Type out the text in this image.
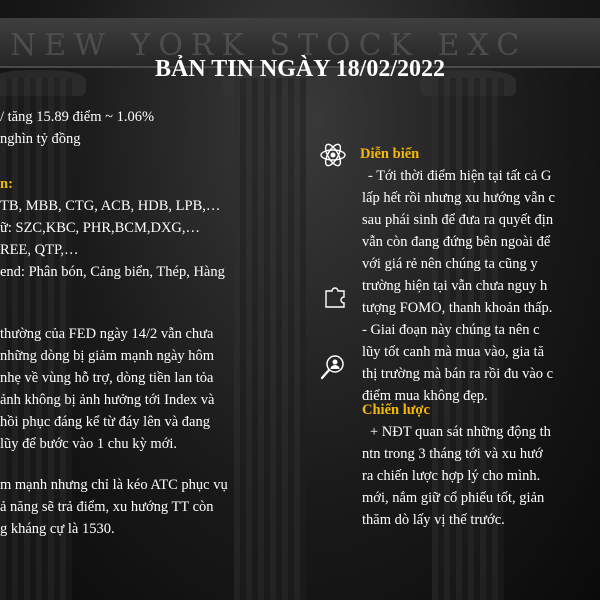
NEW YORK STOCK EXC
BẢN TIN NGÀY 18/02/2022
/ tăng 15.89 điểm ~ 1.06%
nghìn tỷ đồng
n:
TB, MBB, CTG, ACB, HDB, LPB,…
ữ: SZC,KBC, PHR,BCM,DXG,…
REE, QTP,…
end: Phân bón, Cảng biển, Thép, Hàng
thường của FED ngày 14/2 vẫn chưa
những dòng bị giảm mạnh ngày hôm
nhẹ về vùng hỗ trợ, dòng tiền lan tỏa
ảnh không bị ảnh hưởng tới Index và
hồi phục đáng kể từ đáy lên và đang
lũy để bước vào 1 chu kỳ mới.
m mạnh nhưng chỉ là kéo ATC phục vụ
ả năng sẽ trả điểm, xu hướng TT còn
g kháng cự là 1530.
Diễn biến
- Tới thời điểm hiện tại tất cả G
lấp hết rồi nhưng xu hướng vẫn c
sau phái sinh để đưa ra quyết địn
vẫn còn đang đứng bên ngoài để
với giá rẻ nên chúng ta cũng y
trường hiện tại vẫn chưa nguy h
tượng FOMO, thanh khoản thấp.
- Giai đoạn này chúng ta nên c
lũy tốt canh mà mua vào, gia tă
thị trường mà bán ra rồi đu vào c
điểm mua không đẹp.
Chiến lược
+ NĐT quan sát những động th
ntn trong 3 tháng tới và xu hướ
ra chiến lược hợp lý cho mình.
mới, nắm giữ cổ phiếu tốt, giản
thăm dò lấy vị thế trước.
